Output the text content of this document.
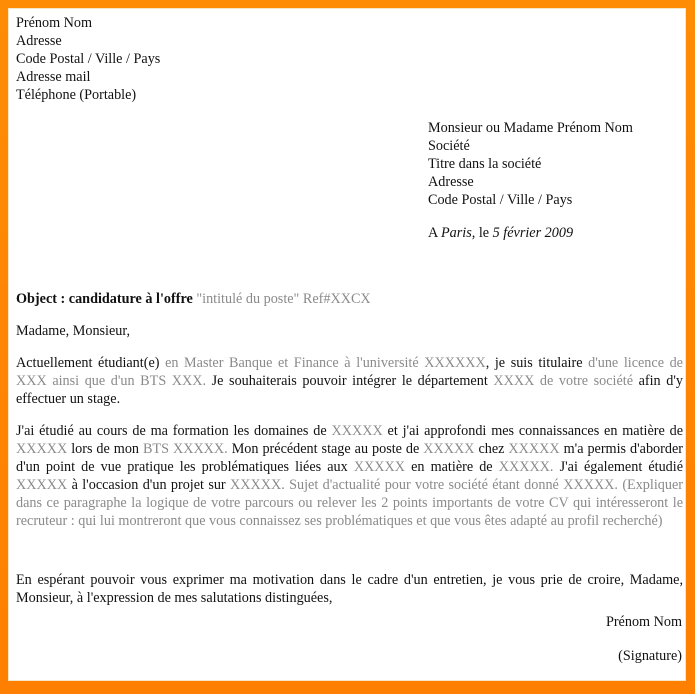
Prénom Nom
Adresse
Code Postal / Ville / Pays
Adresse mail
Téléphone (Portable)
Monsieur ou Madame Prénom Nom
Société
Titre dans la société
Adresse
Code Postal / Ville / Pays
A Paris, le 5 février 2009
Object : candidature à l'offre "intitulé du poste" Ref#XXCX
Madame, Monsieur,
Actuellement étudiant(e) en Master Banque et Finance à l'université XXXXXX, je suis titulaire d'une licence de XXX ainsi que d'un BTS XXX. Je souhaiterais pouvoir intégrer le département XXXX de votre société afin d'y effectuer un stage.
J'ai étudié au cours de ma formation les domaines de XXXXX et j'ai approfondi mes connaissances en matière de XXXXX lors de mon BTS XXXXX. Mon précédent stage au poste de XXXXX chez XXXXX m'a permis d'aborder d'un point de vue pratique les problématiques liées aux XXXXX en matière de XXXXX. J'ai également étudié XXXXX à l'occasion d'un projet sur XXXXX. Sujet d'actualité pour votre société étant donné XXXXX. (Expliquer dans ce paragraphe la logique de votre parcours ou relever les 2 points importants de votre CV qui intéresseront le recruteur : qui lui montreront que vous connaissez ses problématiques et que vous êtes adapté au profil recherché)
En espérant pouvoir vous exprimer ma motivation dans le cadre d'un entretien, je vous prie de croire, Madame, Monsieur, à l'expression de mes salutations distinguées,
Prénom Nom
(Signature)
